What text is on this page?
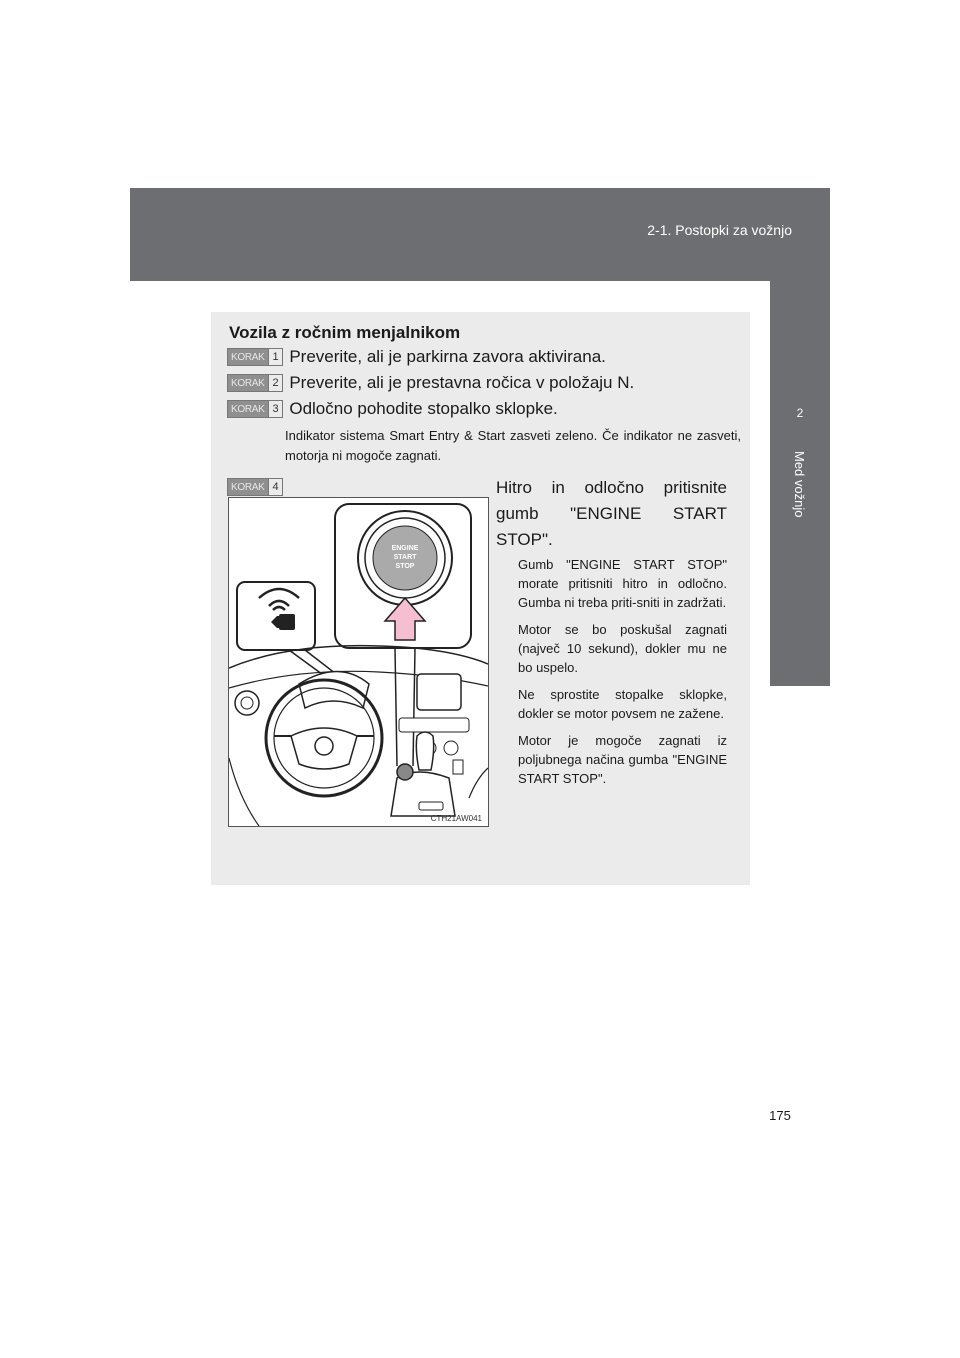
2-1. Postopki za vožnjo
2
Med vožnjo
Vozila z ročnim menjalnikom
KORAK 1 Preverite, ali je parkirna zavora aktivirana.
KORAK 2 Preverite, ali je prestavna ročica v položaju N.
KORAK 3 Odločno pohodite stopalko sklopke.
Indikator sistema Smart Entry & Start zasveti zeleno. Če indikator ne zasveti, motorja ni mogoče zagnati.
KORAK 4
ENGINE
START
STOP
CTH21AW041
Hitro in odločno pritisnite gumb "ENGINE START STOP".

Gumb "ENGINE START STOP" morate pritisniti hitro in odločno. Gumba ni treba priti-sniti in zadržati.

Motor se bo poskušal zagnati (največ 10 sekund), dokler mu ne bo uspelo.

Ne sprostite stopalke sklopke, dokler se motor povsem ne zažene.

Motor je mogoče zagnati iz poljubnega načina gumba "ENGINE START STOP".

175
